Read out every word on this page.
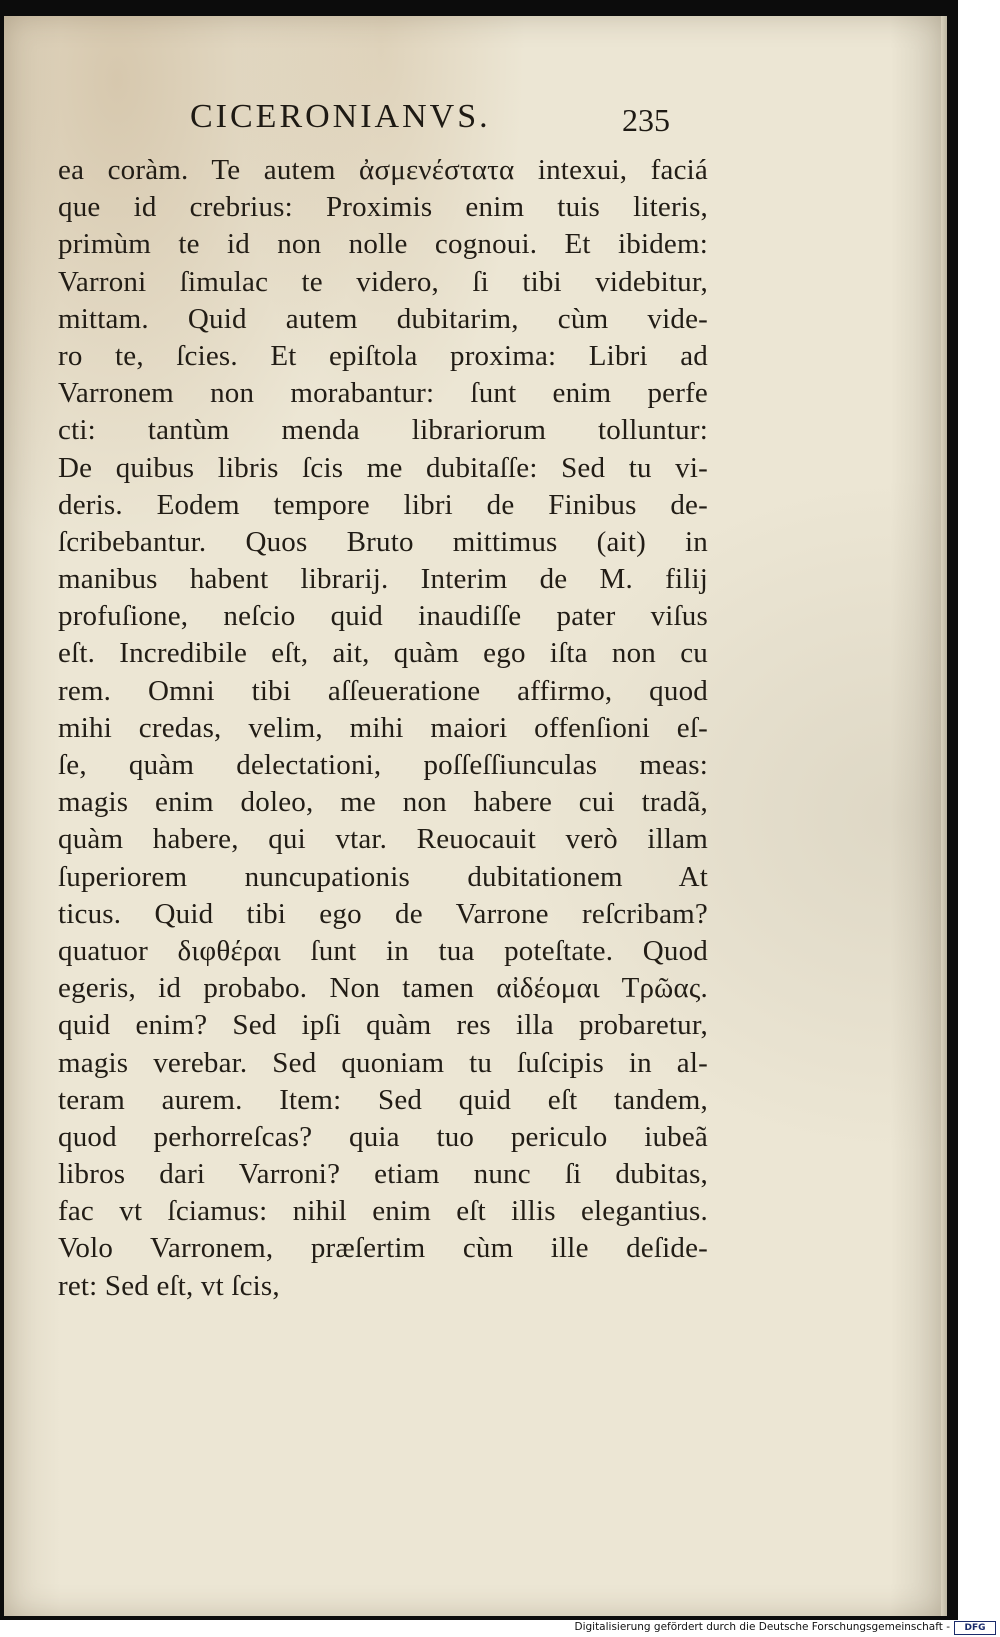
CICERONIANVS.	235
ea coràm. Te autem ἀσμενέστατα intexui, faciá
que id crebrius: Proximis enim tuis literis,
primùm te id non nolle cognoui. Et ibidem:
Varroni ſimulac te videro, ſi tibi videbitur,
mittam. Quid autem dubitarim, cùm vide-
ro te, ſcies. Et epiſtola proxima: Libri ad
Varronem non morabantur: ſunt enim perfe
cti: tantùm menda librariorum tolluntur:
De quibus libris ſcis me dubitaſſe: Sed tu vi-
deris. Eodem tempore libri de Finibus de-
ſcribebantur. Quos Bruto mittimus (ait) in
manibus habent librarij. Interim de M. filij
profuſione, neſcio quid inaudiſſe pater viſus
eſt. Incredibile eſt, ait, quàm ego iſta non cu
rem. Omni tibi aſſeueratione affirmo, quod
mihi credas, velim, mihi maiori offenſioni eſ-
ſe, quàm delectationi, poſſeſſiunculas meas:
magis enim doleo, me non habere cui tradã,
quàm habere, qui vtar. Reuocauit verò illam
ſuperiorem nuncupationis dubitationem At
ticus. Quid tibi ego de Varrone reſcribam?
quatuor διφθέραι ſunt in tua poteſtate. Quod
egeris, id probabo. Non tamen αἰδέομαι Τρῶας.
quid enim? Sed ipſi quàm res illa probaretur,
magis verebar. Sed quoniam tu ſuſcipis in al-
teram aurem. Item: Sed quid eſt tandem,
quod perhorreſcas? quia tuo periculo iubeã
libros dari Varroni? etiam nunc ſi dubitas,
fac vt ſciamus: nihil enim eſt illis elegantius.
Volo Varronem, præſertim cùm ille deſide-
ret: Sed eſt, vt ſcis,
Digitalisierung gefördert durch die Deutsche Forschungsgemeinschaft -	DFG
